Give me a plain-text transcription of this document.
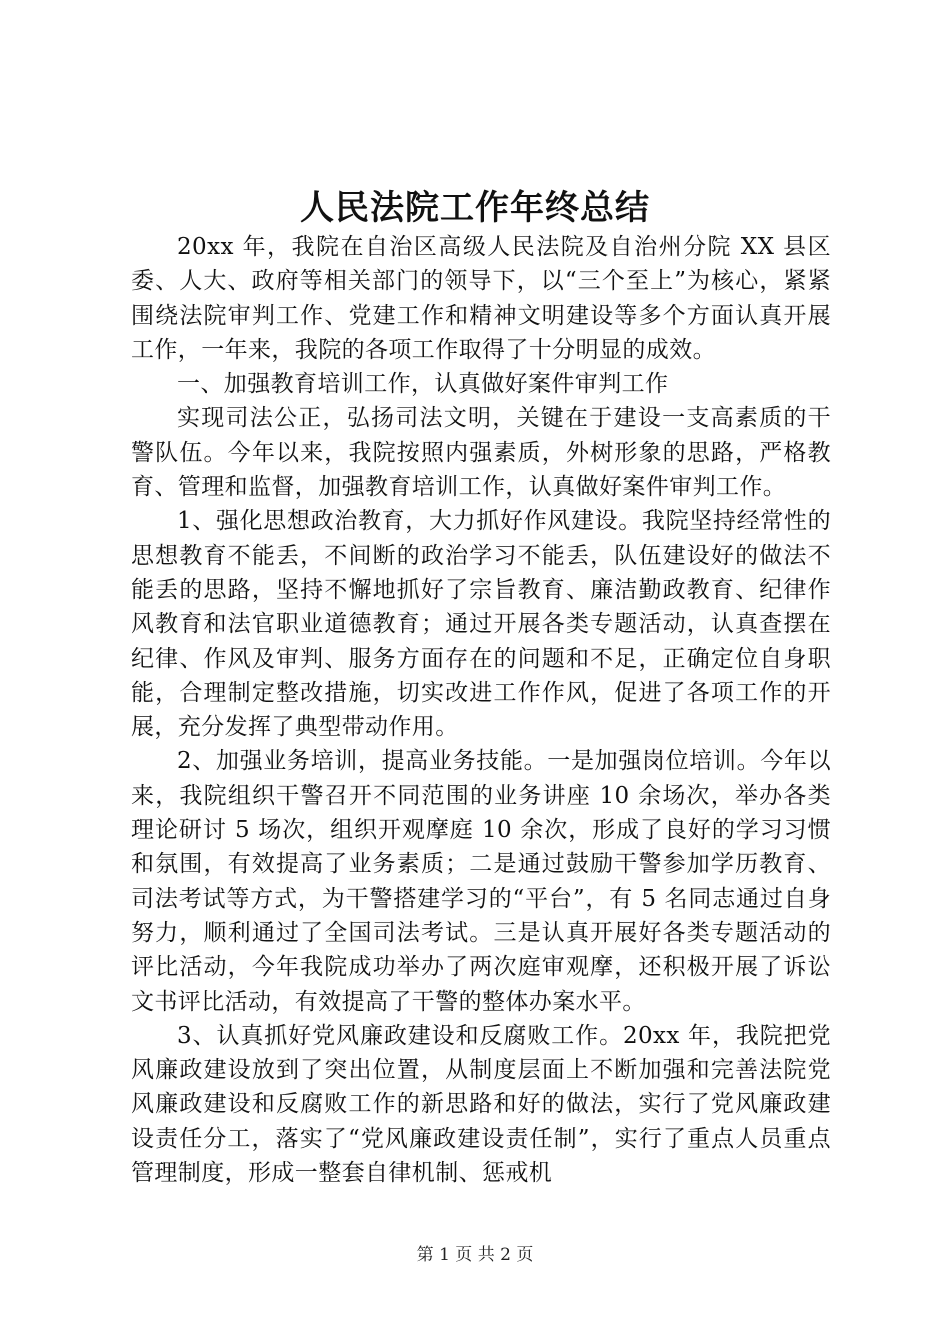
人民法院工作年终总结

20xx 年，我院在自治区高级人民法院及自治州分院 XX 县区委、人大、政府等相关部门的领导下，以“三个至上”为核心，紧紧围绕法院审判工作、党建工作和精神文明建设等多个方面认真开展工作，一年来，我院的各项工作取得了十分明显的成效。

一、加强教育培训工作，认真做好案件审判工作

实现司法公正，弘扬司法文明，关键在于建设一支高素质的干警队伍。今年以来，我院按照内强素质，外树形象的思路，严格教育、管理和监督，加强教育培训工作，认真做好案件审判工作。

1、强化思想政治教育，大力抓好作风建设。我院坚持经常性的思想教育不能丢，不间断的政治学习不能丢，队伍建设好的做法不能丢的思路，坚持不懈地抓好了宗旨教育、廉洁勤政教育、纪律作风教育和法官职业道德教育；通过开展各类专题活动，认真查摆在纪律、作风及审判、服务方面存在的问题和不足，正确定位自身职能，合理制定整改措施，切实改进工作作风，促进了各项工作的开展，充分发挥了典型带动作用。

2、加强业务培训，提高业务技能。一是加强岗位培训。今年以来，我院组织干警召开不同范围的业务讲座 10 余场次，举办各类理论研讨 5 场次，组织开观摩庭 10 余次，形成了良好的学习习惯和氛围，有效提高了业务素质；二是通过鼓励干警参加学历教育、司法考试等方式，为干警搭建学习的“平台”，有 5 名同志通过自身努力，顺利通过了全国司法考试。三是认真开展好各类专题活动的评比活动，今年我院成功举办了两次庭审观摩，还积极开展了诉讼文书评比活动，有效提高了干警的整体办案水平。

3、认真抓好党风廉政建设和反腐败工作。20xx 年，我院把党风廉政建设放到了突出位置，从制度层面上不断加强和完善法院党风廉政建设和反腐败工作的新思路和好的做法，实行了党风廉政建设责任分工，落实了“党风廉政建设责任制”，实行了重点人员重点管理制度，形成一整套自律机制、惩戒机

第 1 页 共 2 页
